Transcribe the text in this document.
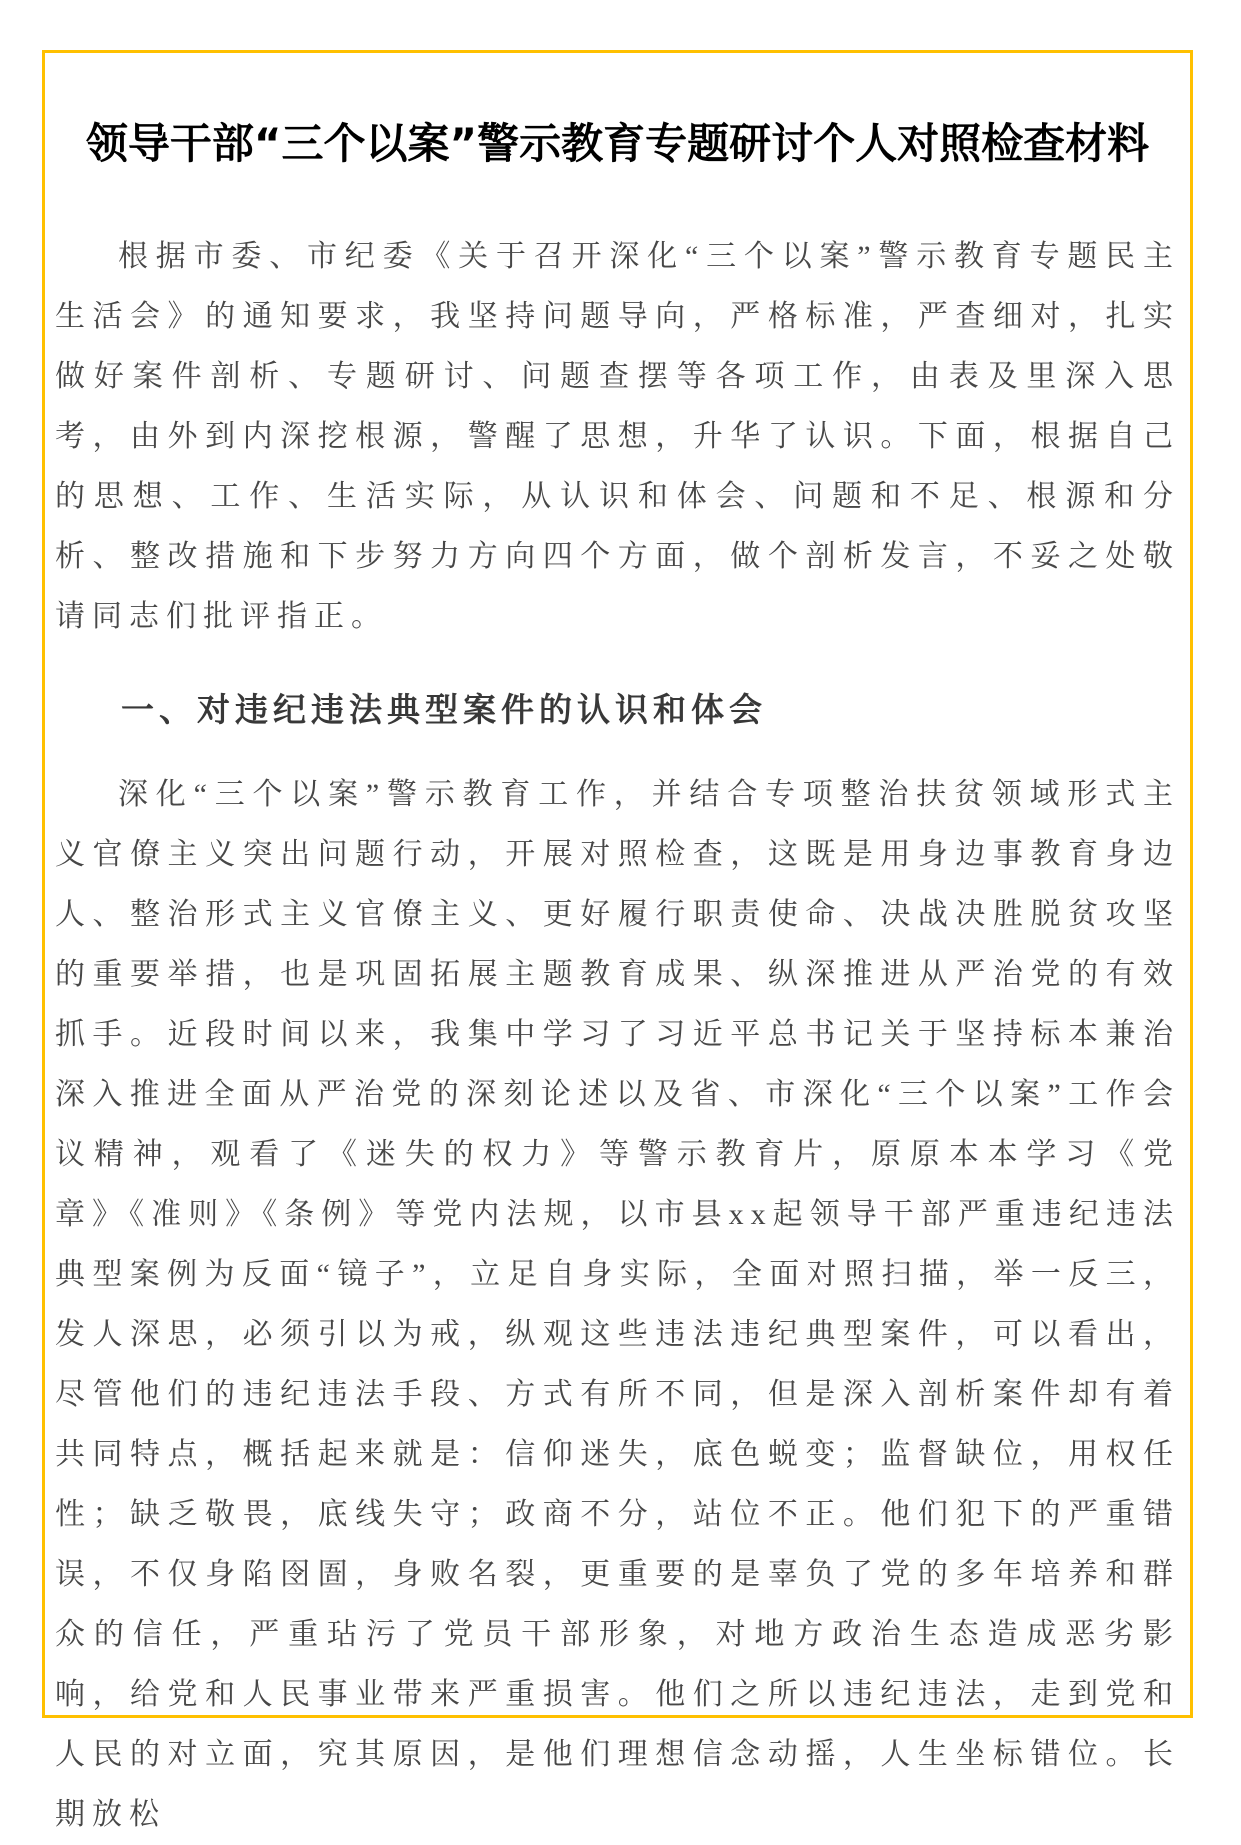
领导干部“三个以案”警示教育专题研讨个人对照检查材料

根据市委、市纪委《关于召开深化“三个以案”警示教育专题民主生活会》的通知要求，我坚持问题导向，严格标准，严查细对，扎实做好案件剖析、专题研讨、问题查摆等各项工作，由表及里深入思考，由外到内深挖根源，警醒了思想，升华了认识。下面，根据自己的思想、工作、生活实际，从认识和体会、问题和不足、根源和分析、整改措施和下步努力方向四个方面，做个剖析发言，不妥之处敬请同志们批评指正。

一、对违纪违法典型案件的认识和体会

深化“三个以案”警示教育工作，并结合专项整治扶贫领域形式主义官僚主义突出问题行动，开展对照检查，这既是用身边事教育身边人、整治形式主义官僚主义、更好履行职责使命、决战决胜脱贫攻坚的重要举措，也是巩固拓展主题教育成果、纵深推进从严治党的有效抓手。近段时间以来，我集中学习了习近平总书记关于坚持标本兼治深入推进全面从严治党的深刻论述以及省、市深化“三个以案”工作会议精神，观看了《迷失的权力》等警示教育片，原原本本学习《党章》《准则》《条例》等党内法规，以市县xx起领导干部严重违纪违法典型案例为反面“镜子”，立足自身实际，全面对照扫描，举一反三，发人深思，必须引以为戒，纵观这些违法违纪典型案件，可以看出，尽管他们的违纪违法手段、方式有所不同，但是深入剖析案件却有着共同特点，概括起来就是：信仰迷失，底色蜕变；监督缺位，用权任性；缺乏敬畏，底线失守；政商不分，站位不正。他们犯下的严重错误，不仅身陷囹圄，身败名裂，更重要的是辜负了党的多年培养和群众的信任，严重玷污了党员干部形象，对地方政治生态造成恶劣影响，给党和人民事业带来严重损害。他们之所以违纪违法，走到党和人民的对立面，究其原因，是他们理想信念动摇，人生坐标错位。长期放松
